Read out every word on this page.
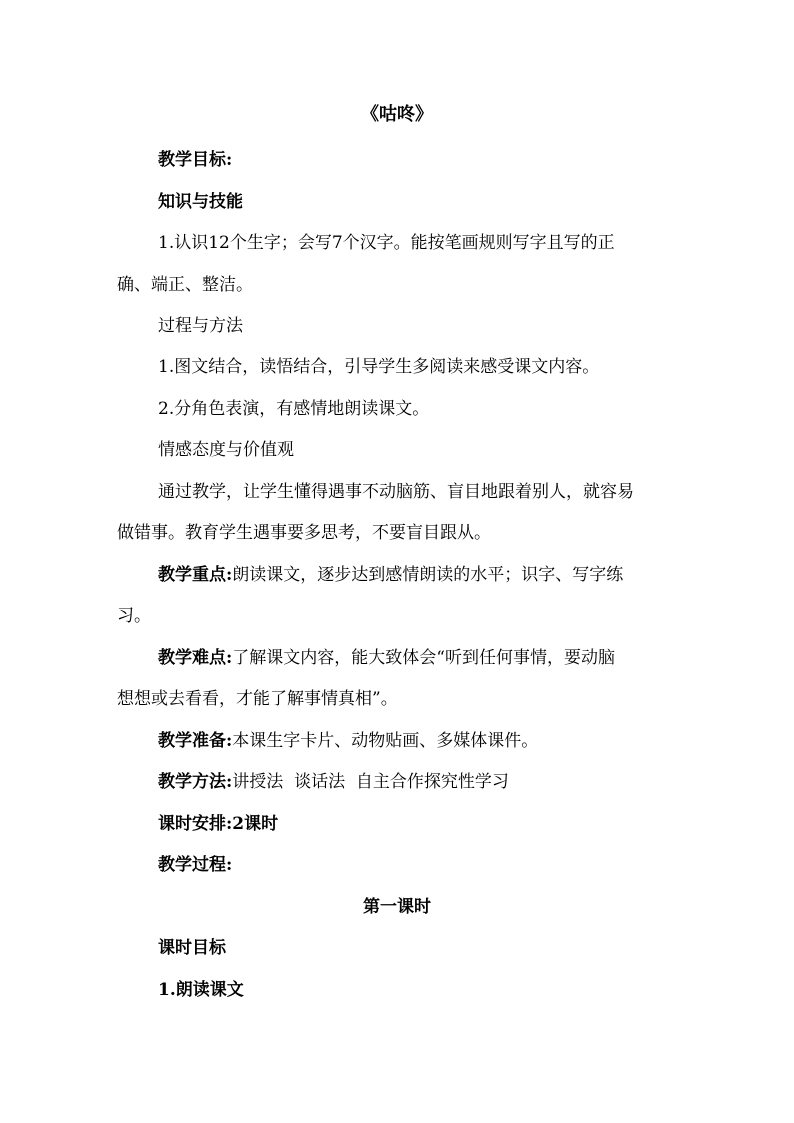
《咕咚》
教学目标:
知识与技能
1.认识12个生字；会写7个汉字。能按笔画规则写字且写的正
确、端正、整洁。
过程与方法
1.图文结合，读悟结合，引导学生多阅读来感受课文内容。
2.分角色表演，有感情地朗读课文。
情感态度与价值观
通过教学，让学生懂得遇事不动脑筋、盲目地跟着别人，就容易
做错事。教育学生遇事要多思考，不要盲目跟从。
教学重点:朗读课文，逐步达到感情朗读的水平；识字、写字练
习。
教学难点:了解课文内容，能大致体会“听到任何事情，要动脑
想想或去看看，才能了解事情真相”。
教学准备:本课生字卡片、动物贴画、多媒体课件。
教学方法:讲授法  谈话法  自主合作探究性学习
课时安排:2课时
教学过程:
第一课时
课时目标
1.朗读课文
